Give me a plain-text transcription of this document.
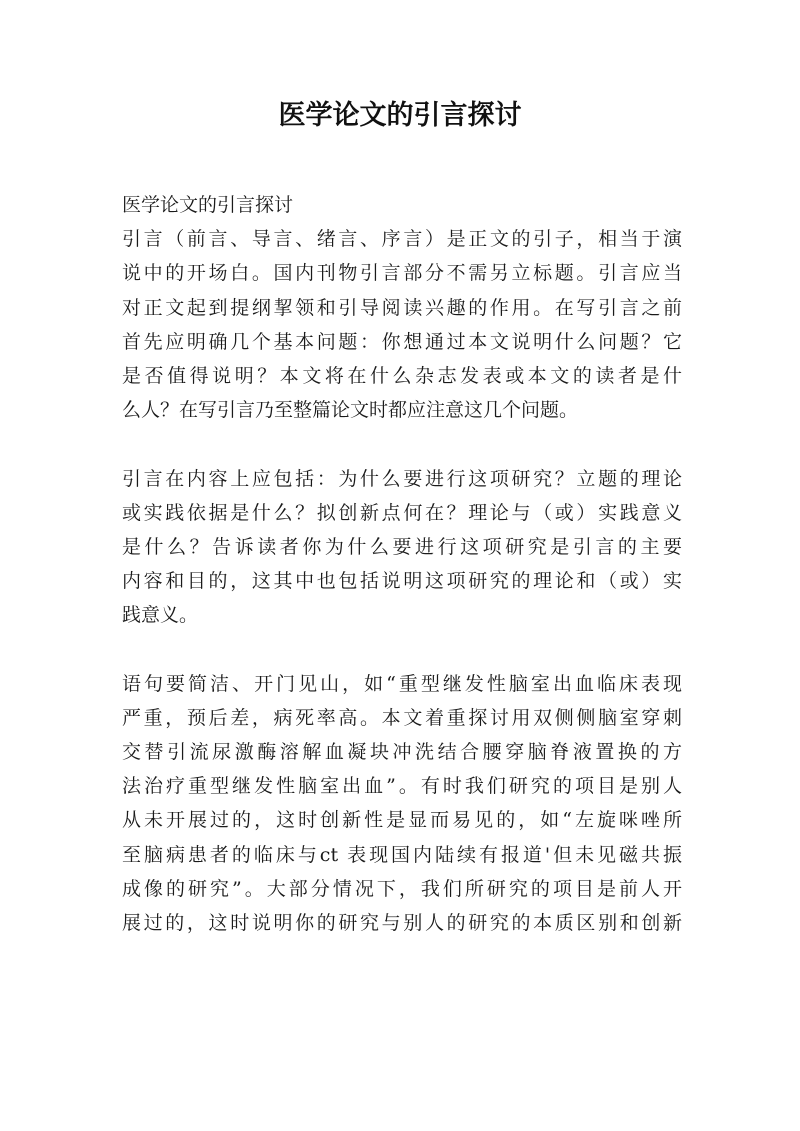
医学论文的引言探讨
医学论文的引言探讨
引言（前言、导言、绪言、序言）是正文的引子，相当于演
说中的开场白。国内刊物引言部分不需另立标题。引言应当
对正文起到提纲挈领和引导阅读兴趣的作用。在写引言之前
首先应明确几个基本问题：你想通过本文说明什么问题？它
是否值得说明？本文将在什么杂志发表或本文的读者是什
么人？在写引言乃至整篇论文时都应注意这几个问题。
引言在内容上应包括：为什么要进行这项研究？立题的理论
或实践依据是什么？拟创新点何在？理论与（或）实践意义
是什么？告诉读者你为什么要进行这项研究是引言的主要
内容和目的，这其中也包括说明这项研究的理论和（或）实
践意义。
语句要简洁、开门见山，如“重型继发性脑室出血临床表现
严重，预后差，病死率高。本文着重探讨用双侧侧脑室穿刺
交替引流尿激酶溶解血凝块冲洗结合腰穿脑脊液置换的方
法治疗重型继发性脑室出血”。有时我们研究的项目是别人
从未开展过的，这时创新性是显而易见的，如“左旋咪唑所
至脑病患者的临床与ct 表现国内陆续有报道'但未见磁共振
成像的研究”。大部分情况下，我们所研究的项目是前人开
展过的，这时说明你的研究与别人的研究的本质区别和创新
